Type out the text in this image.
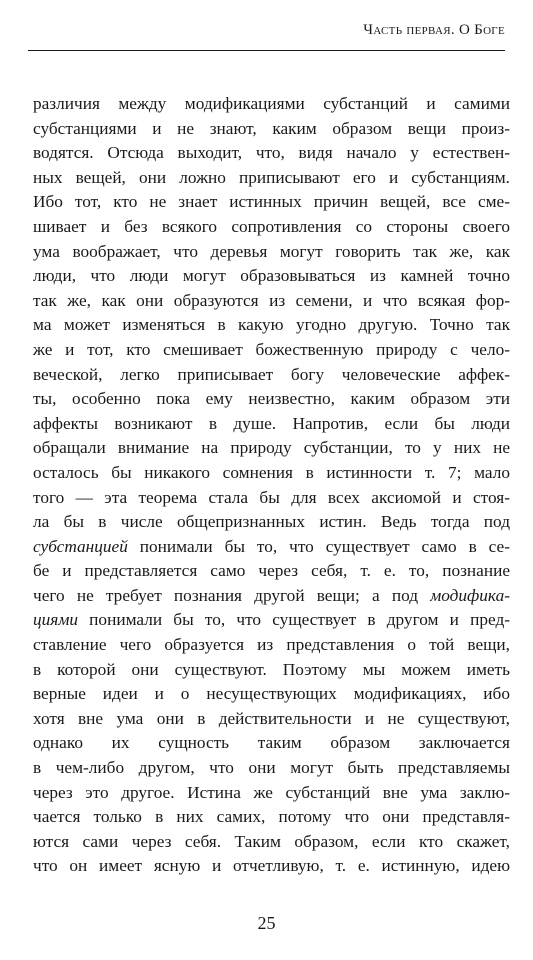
Часть первая. О Боге
различия между модификациями субстанций и самими
субстанциями и не знают, каким образом вещи произ-
водятся. Отсюда выходит, что, видя начало у естествен-
ных вещей, они ложно приписывают его и субстанциям.
Ибо тот, кто не знает истинных причин вещей, все сме-
шивает и без всякого сопротивления со стороны своего
ума воображает, что деревья могут говорить так же, как
люди, что люди могут образовываться из камней точно
так же, как они образуются из семени, и что всякая фор-
ма может изменяться в какую угодно другую. Точно так
же и тот, кто смешивает божественную природу с чело-
веческой, легко приписывает богу человеческие аффек-
ты, особенно пока ему неизвестно, каким образом эти
аффекты возникают в душе. Напротив, если бы люди
обращали внимание на природу субстанции, то у них не
осталось бы никакого сомнения в истинности т. 7; мало
того — эта теорема стала бы для всех аксиомой и стоя-
ла бы в числе общепризнанных истин. Ведь тогда под
субстанцией понимали бы то, что существует само в се-
бе и представляется само через себя, т. е. то, познание
чего не требует познания другой вещи; а под модифика-
циями понимали бы то, что существует в другом и пред-
ставление чего образуется из представления о той вещи,
в которой они существуют. Поэтому мы можем иметь
верные идеи и о несуществующих модификациях, ибо
хотя вне ума они в действительности и не существуют,
однако их сущность таким образом заключается
в чем-либо другом, что они могут быть представляемы
через это другое. Истина же субстанций вне ума заклю-
чается только в них самих, потому что они представля-
ются сами через себя. Таким образом, если кто скажет,
что он имеет ясную и отчетливую, т. е. истинную, идею
25
